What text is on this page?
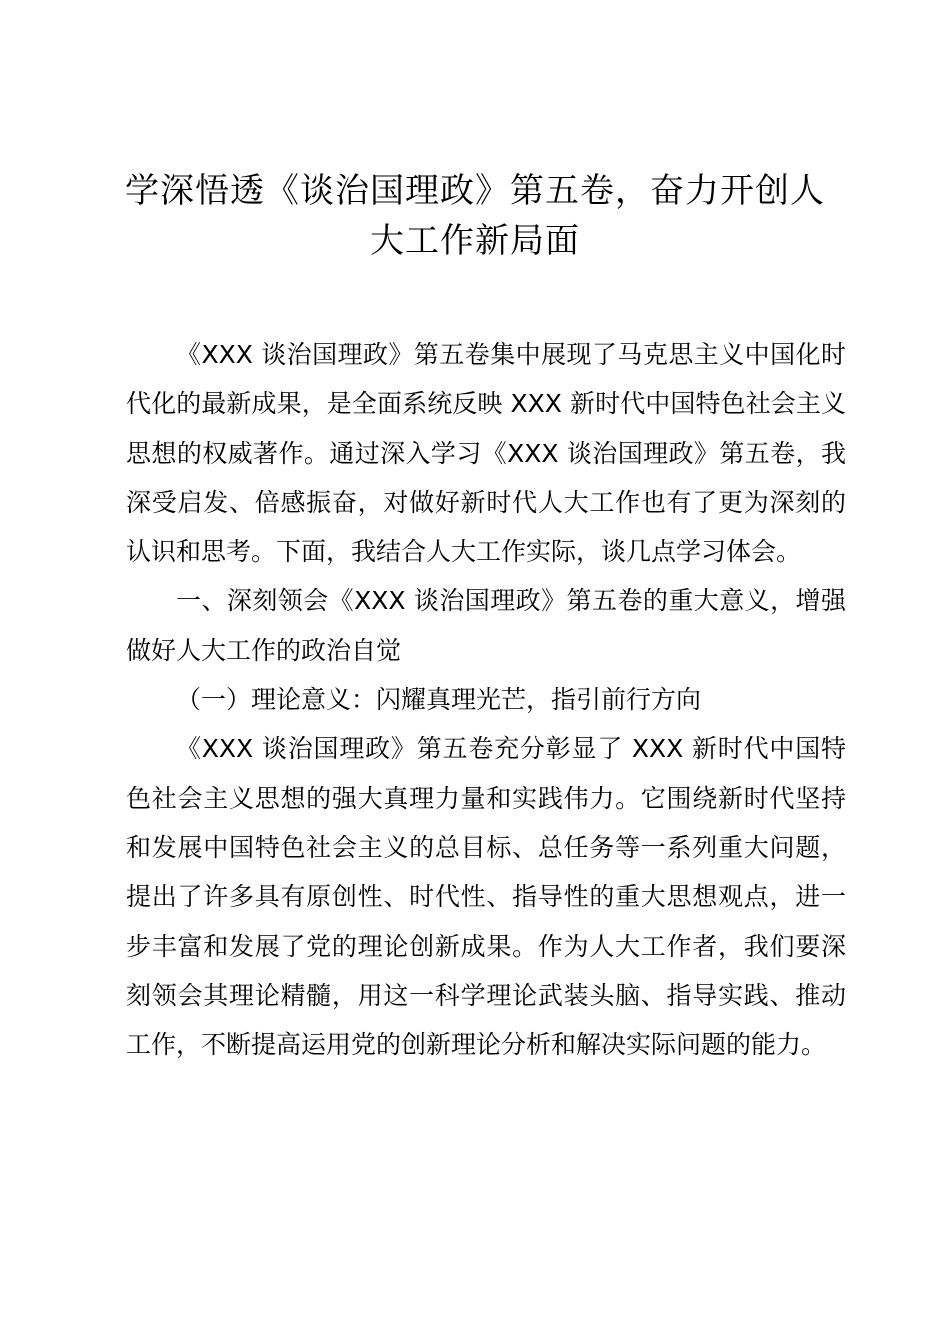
学深悟透《谈治国理政》第五卷，奋力开创人
大工作新局面

《XXX 谈治国理政》第五卷集中展现了马克思主义中国化时代化的最新成果，是全面系统反映 XXX 新时代中国特色社会主义思想的权威著作。通过深入学习《XXX 谈治国理政》第五卷，我深受启发、倍感振奋，对做好新时代人大工作也有了更为深刻的认识和思考。下面，我结合人大工作实际，谈几点学习体会。

一、深刻领会《XXX 谈治国理政》第五卷的重大意义，增强做好人大工作的政治自觉

（一）理论意义：闪耀真理光芒，指引前行方向

《XXX 谈治国理政》第五卷充分彰显了 XXX 新时代中国特色社会主义思想的强大真理力量和实践伟力。它围绕新时代坚持和发展中国特色社会主义的总目标、总任务等一系列重大问题，提出了许多具有原创性、时代性、指导性的重大思想观点，进一步丰富和发展了党的理论创新成果。作为人大工作者，我们要深刻领会其理论精髓，用这一科学理论武装头脑、指导实践、推动工作，不断提高运用党的创新理论分析和解决实际问题的能力。
